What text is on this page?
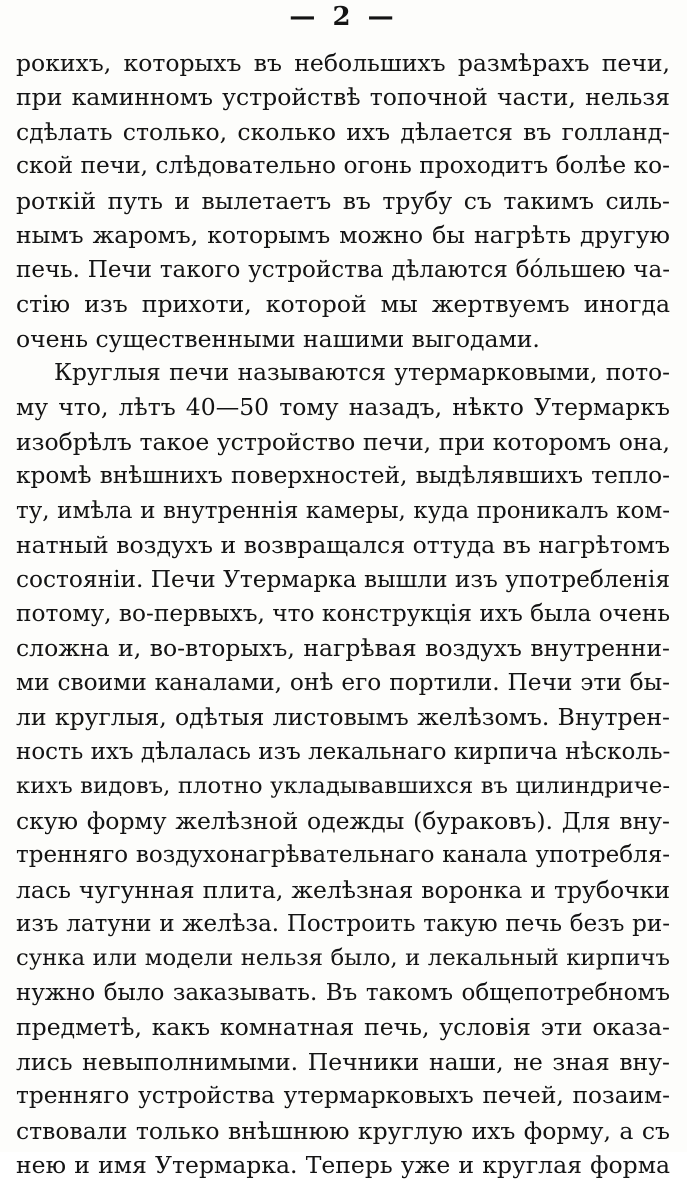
— 2 —
рокихъ, которыхъ въ небольшихъ размѣрахъ печи,
при каминномъ устройствѣ топочной части, нельзя
сдѣлать столько, сколько ихъ дѣлается въ голланд-
ской печи, слѣдовательно огонь проходитъ болѣе ко-
роткій путь и вылетаетъ въ трубу съ такимъ силь-
нымъ жаромъ, которымъ можно бы нагрѣть другую
печь. Печи такого устройства дѣлаются бóльшею ча-
стію изъ прихоти, которой мы жертвуемъ иногда
очень существенными нашими выгодами.
Круглыя печи называются утермарковыми, пото-
му что, лѣтъ 40—50 тому назадъ, нѣкто Утермаркъ
изобрѣлъ такое устройство печи, при которомъ она,
кромѣ внѣшнихъ поверхностей, выдѣлявшихъ тепло-
ту, имѣла и внутреннія камеры, куда проникалъ ком-
натный воздухъ и возвращался оттуда въ нагрѣтомъ
состояніи. Печи Утермарка вышли изъ употребленія
потому, во-первыхъ, что конструкція ихъ была очень
сложна и, во-вторыхъ, нагрѣвая воздухъ внутренни-
ми своими каналами, онѣ его портили. Печи эти бы-
ли круглыя, одѣтыя листовымъ желѣзомъ. Внутрен-
ность ихъ дѣлалась изъ лекальнаго кирпича нѣсколь-
кихъ видовъ, плотно укладывавшихся въ цилиндриче-
скую форму желѣзной одежды (бураковъ). Для вну-
тренняго воздухонагрѣвательнаго канала употребля-
лась чугунная плита, желѣзная воронка и трубочки
изъ латуни и желѣза. Построить такую печь безъ ри-
сунка или модели нельзя было, и лекальный кирпичъ
нужно было заказывать. Въ такомъ общепотребномъ
предметѣ, какъ комнатная печь, условія эти оказа-
лись невыполнимыми. Печники наши, не зная вну-
тренняго устройства утермарковыхъ печей, позаим-
ствовали только внѣшнюю круглую ихъ форму, а съ
нею и имя Утермарка. Теперь уже и круглая форма
